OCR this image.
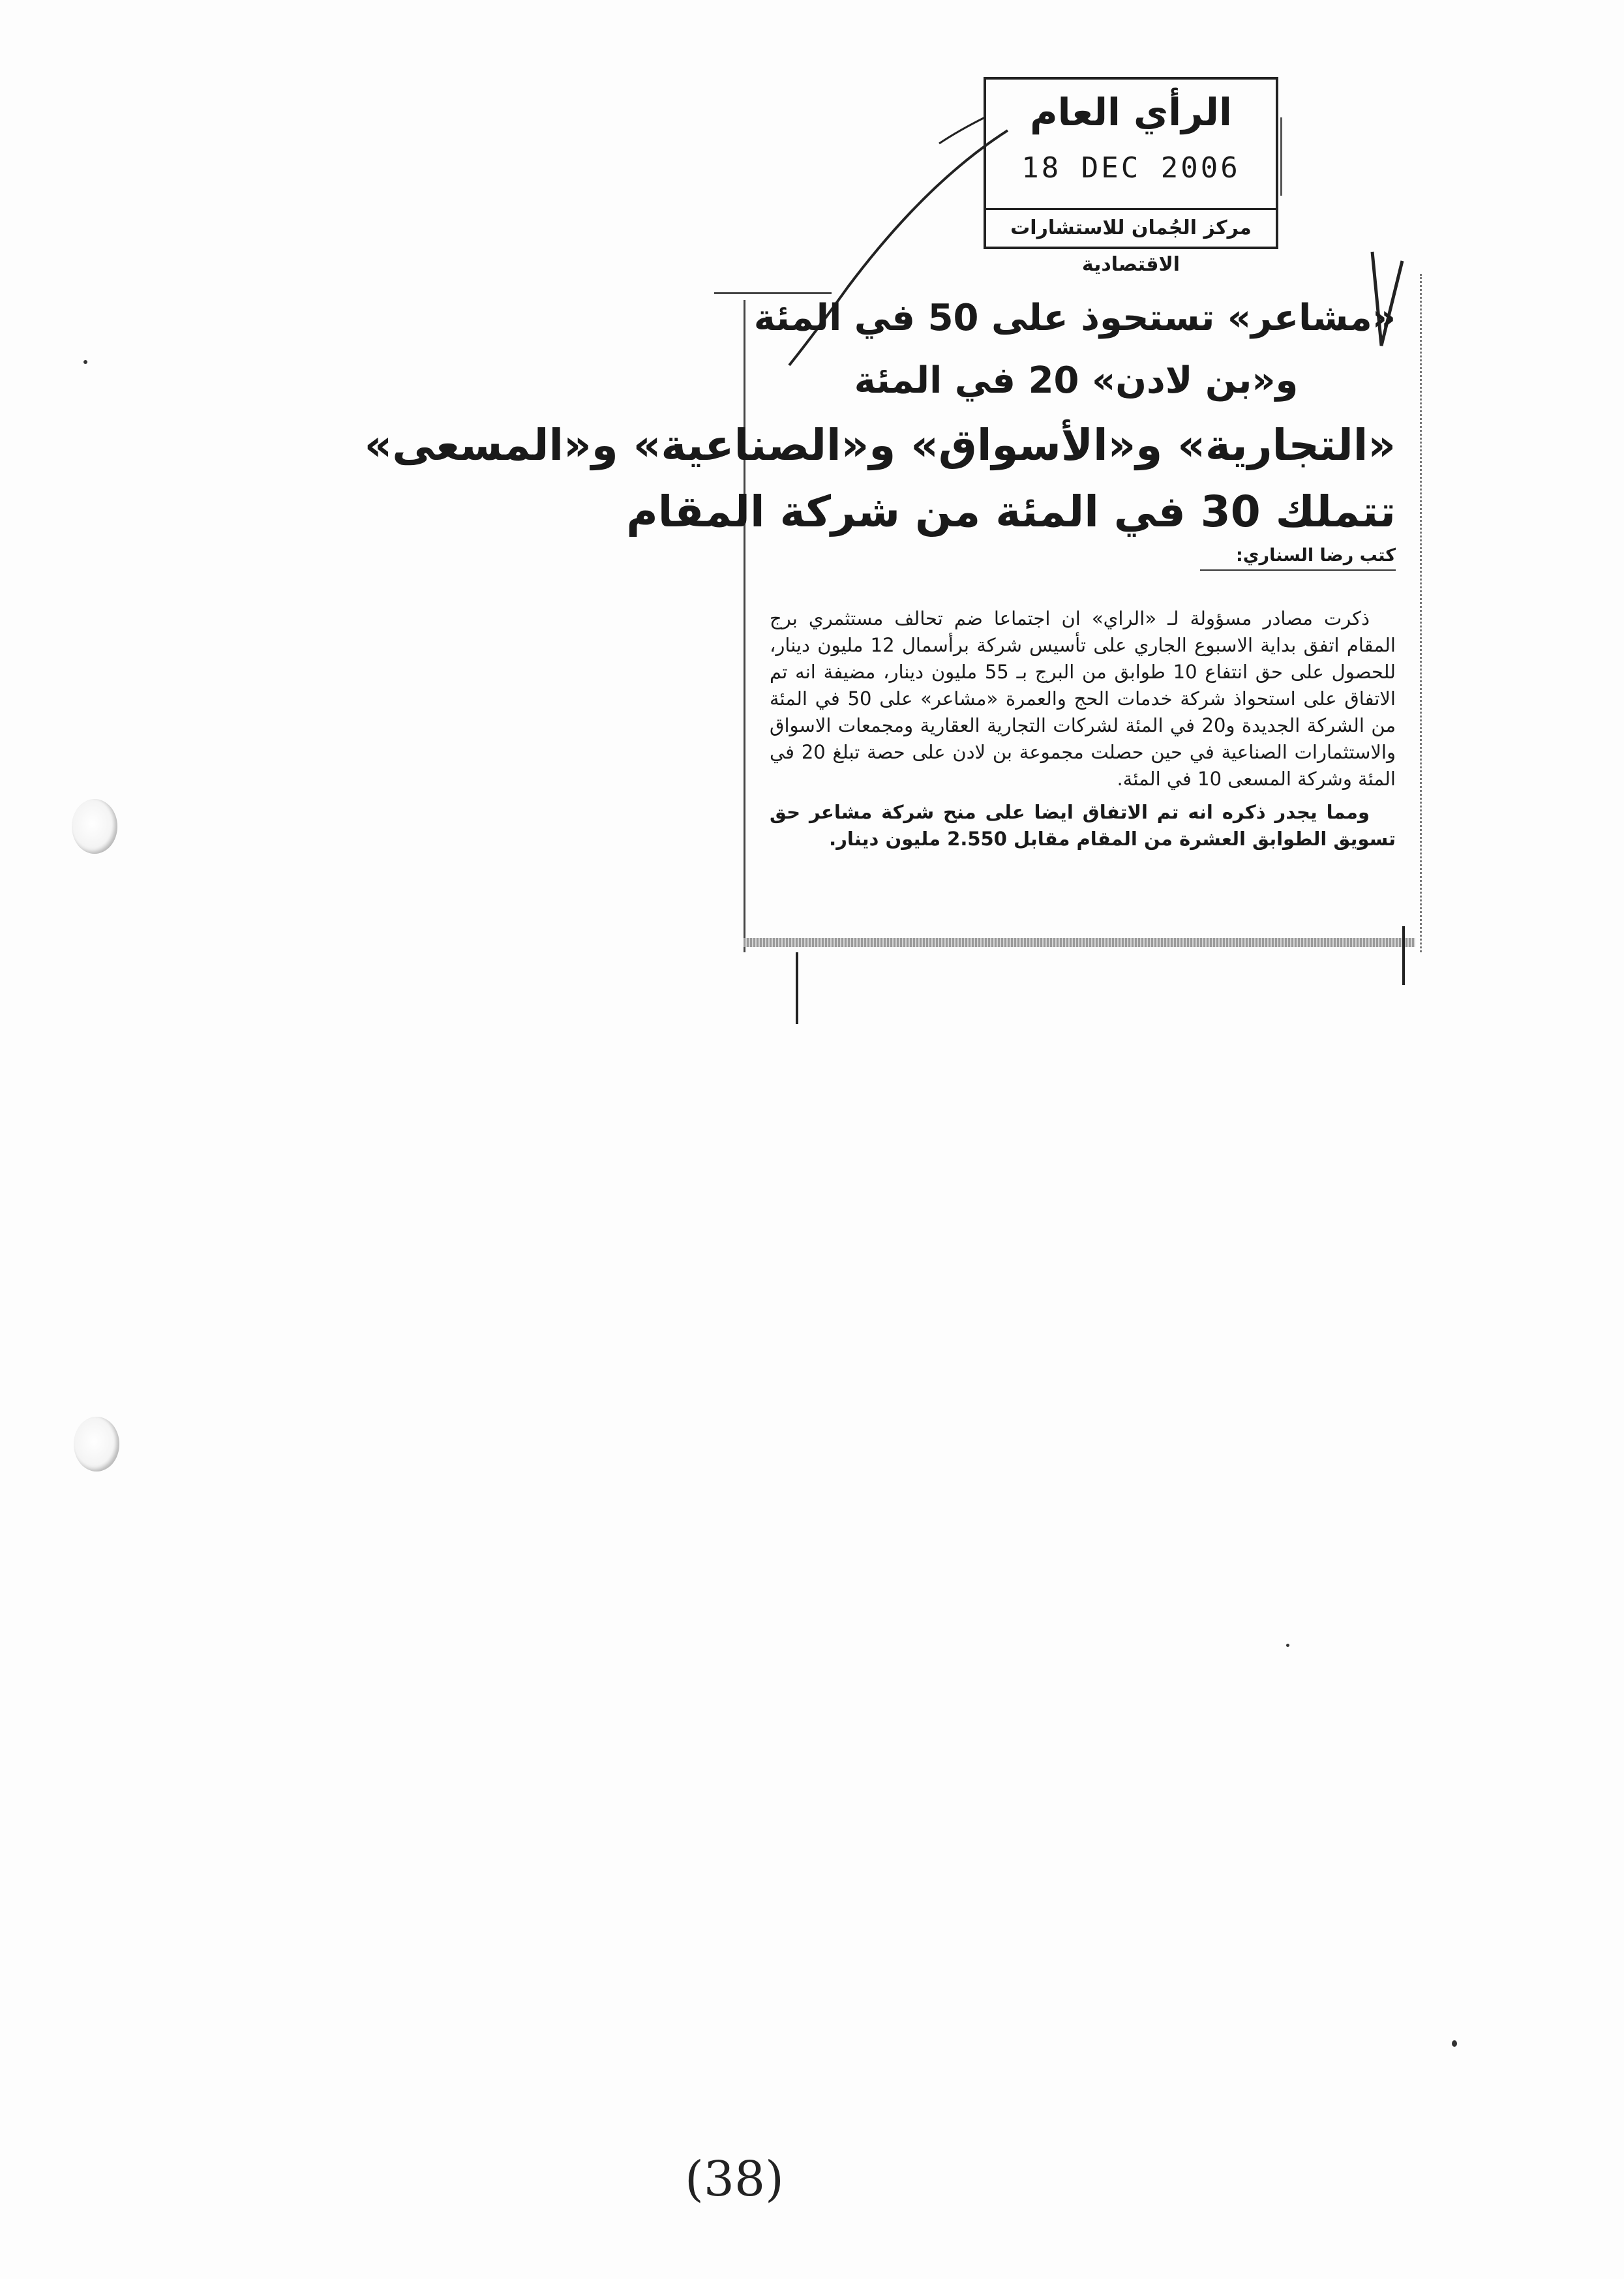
الرأي العام
18 DEC 2006
مركز الجُمان للاستشارات الاقتصادية
«مشاعر» تستحوذ على 50 في المئة
و«بن لادن» 20 في المئة
«التجارية» و«الأسواق» و«الصناعية» و«المسعى»
تتملك 30 في المئة من شركة المقام
كتب رضا السناري:

ذكرت مصادر مسؤولة لـ «الراي» ان اجتماعا ضم تحالف مستثمري برج المقام اتفق بداية الاسبوع الجاري على تأسيس شركة برأسمال 12 مليون دينار، للحصول على حق انتفاع 10 طوابق من البرج بـ 55 مليون دينار، مضيفة انه تم الاتفاق على استحواذ شركة خدمات الحج والعمرة «مشاعر» على 50 في المئة من الشركة الجديدة و20 في المئة لشركات التجارية العقارية ومجمعات الاسواق والاستثمارات الصناعية في حين حصلت مجموعة بن لادن على حصة تبلغ 20 في المئة وشركة المسعى 10 في المئة.

ومما يجدر ذكره انه تم الاتفاق ايضا على منح شركة مشاعر حق تسويق الطوابق العشرة من المقام مقابل 2.550 مليون دينار.

(38)
